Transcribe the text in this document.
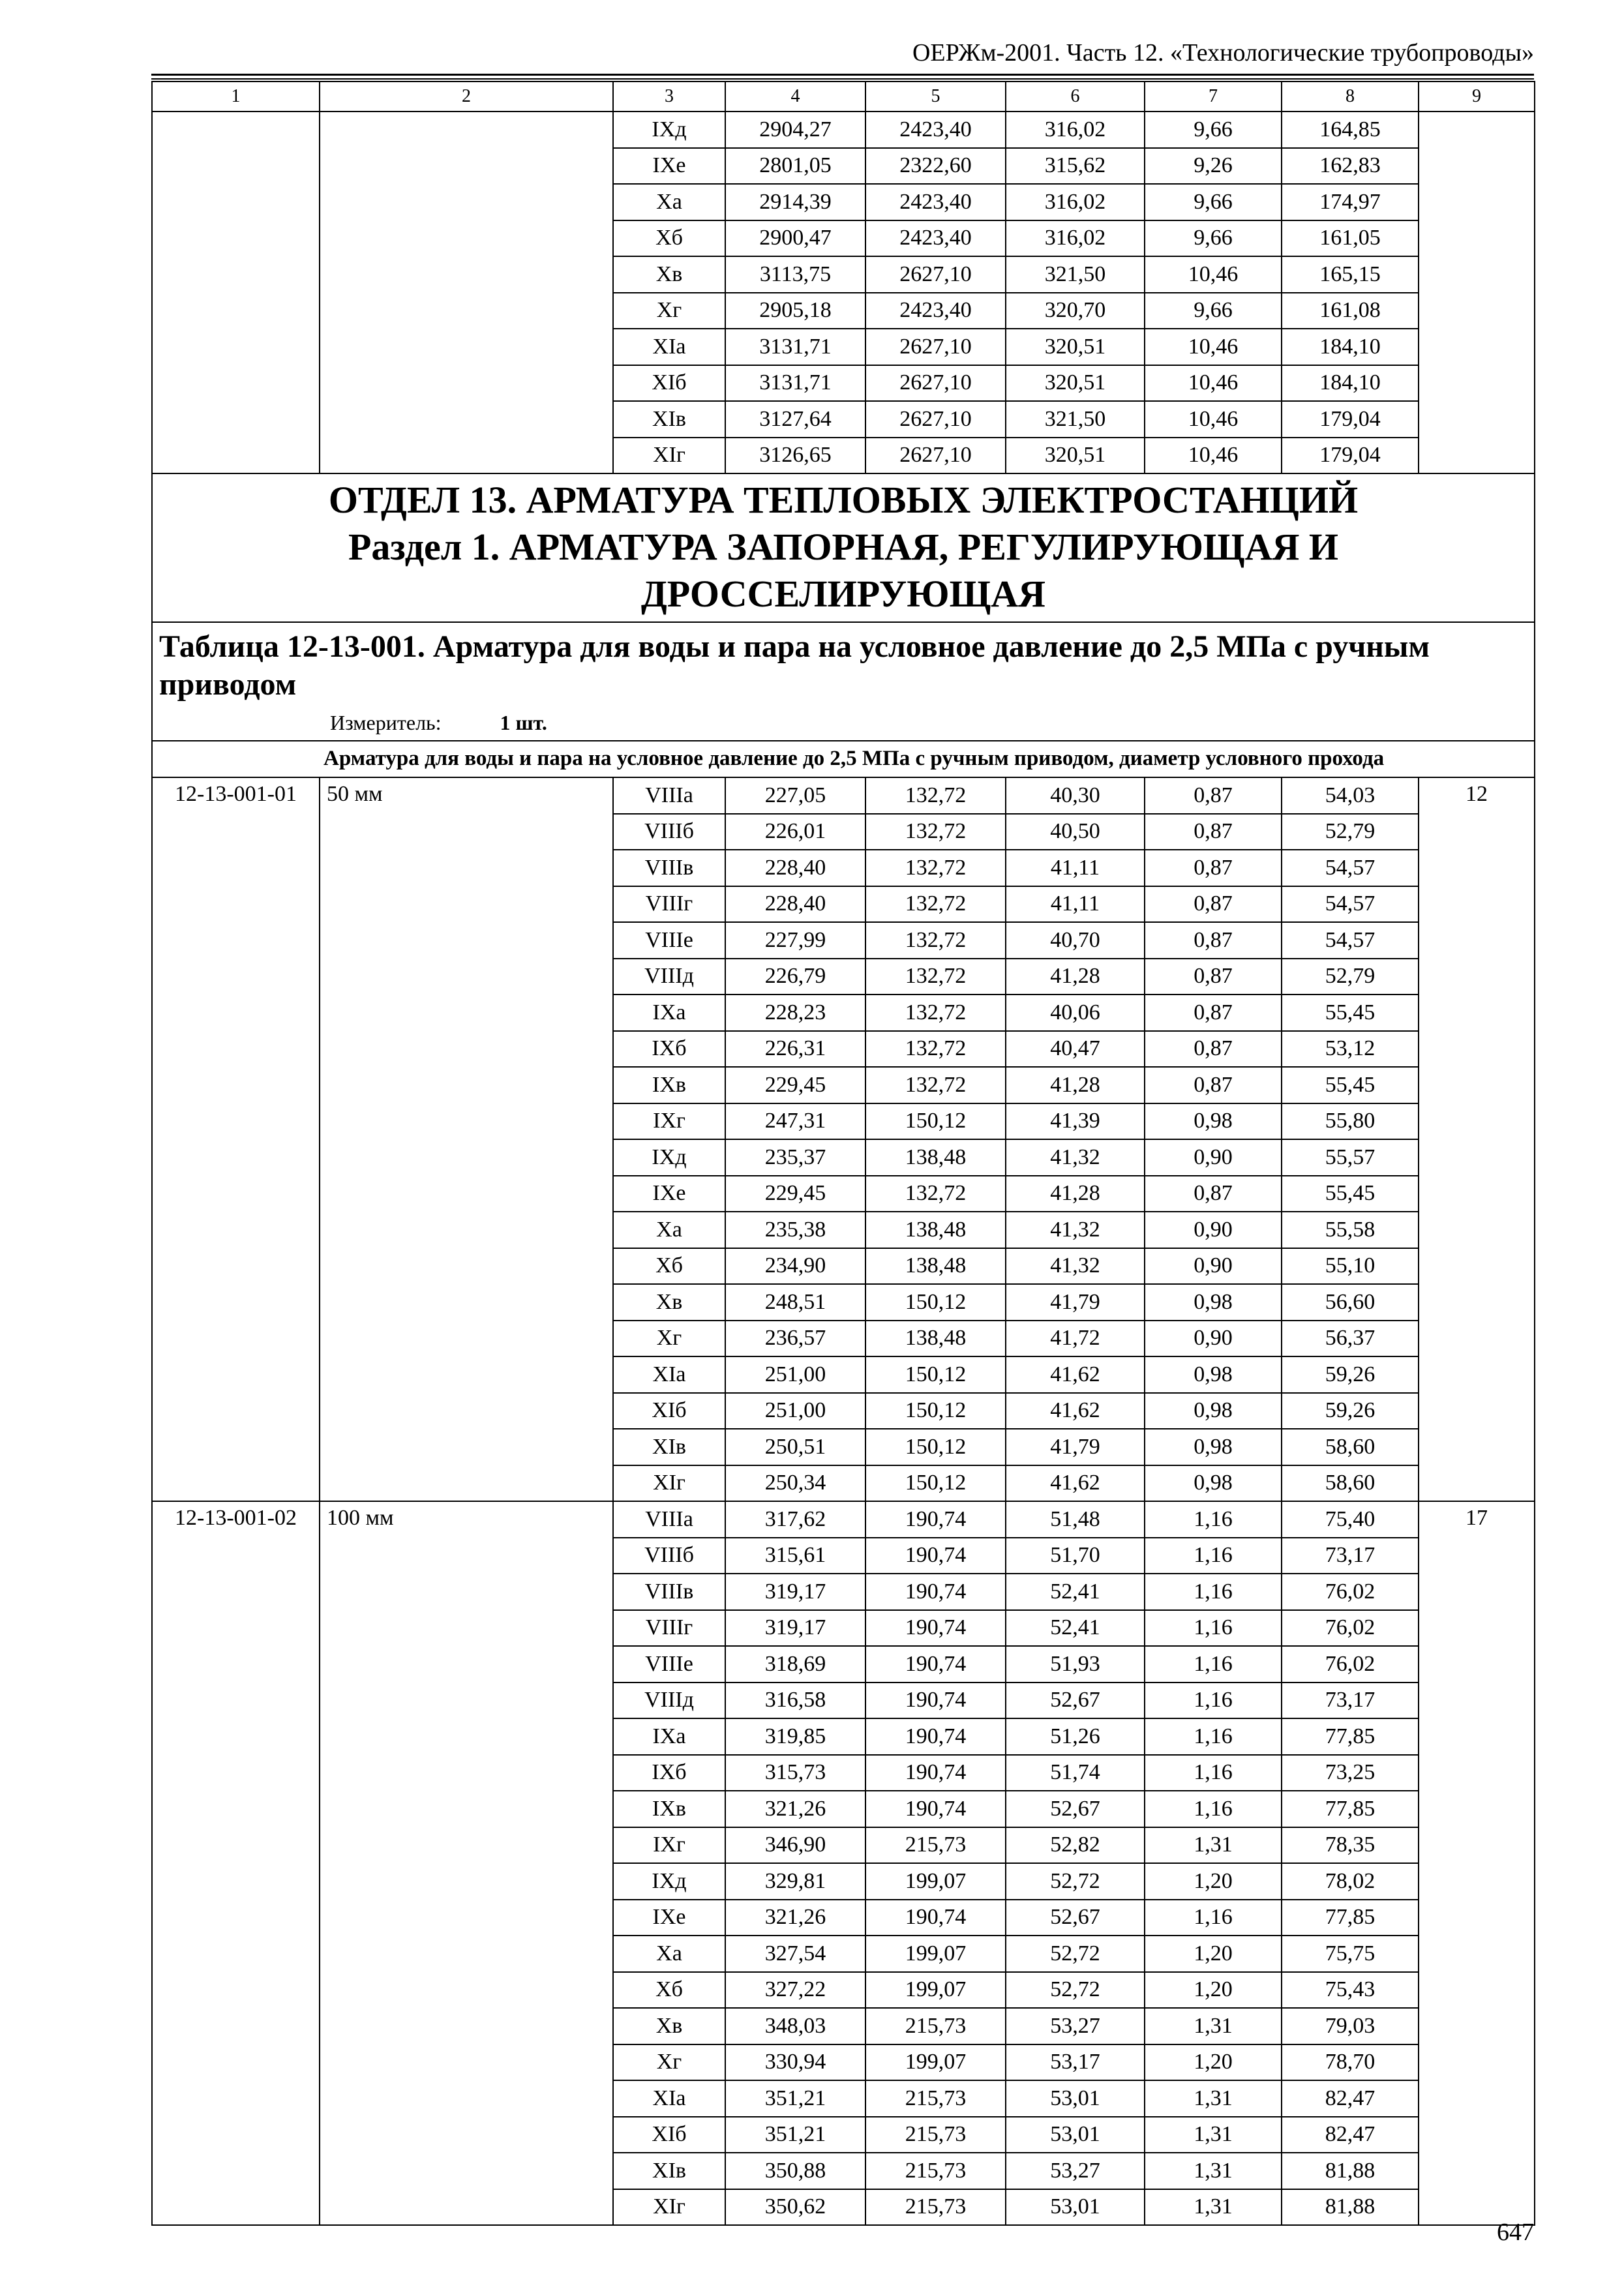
ОЕРЖм-2001. Часть 12. «Технологические трубопроводы»
1	2	3	4	5	6	7	8	9
		IXд	2904,27	2423,40	316,02	9,66	164,85	
		IXе	2801,05	2322,60	315,62	9,26	162,83	
		Xа	2914,39	2423,40	316,02	9,66	174,97	
		Xб	2900,47	2423,40	316,02	9,66	161,05	
		Xв	3113,75	2627,10	321,50	10,46	165,15	
		Xг	2905,18	2423,40	320,70	9,66	161,08	
		XIа	3131,71	2627,10	320,51	10,46	184,10	
		XIб	3131,71	2627,10	320,51	10,46	184,10	
		XIв	3127,64	2627,10	321,50	10,46	179,04	
		XIг	3126,65	2627,10	320,51	10,46	179,04	

ОТДЕЛ 13. АРМАТУРА ТЕПЛОВЫХ ЭЛЕКТРОСТАНЦИЙ
Раздел 1. АРМАТУРА ЗАПОРНАЯ, РЕГУЛИРУЮЩАЯ И ДРОССЕЛИРУЮЩАЯ								

Таблица 12-13-001. Арматура для воды и пара на условное давление до 2,5 МПа с ручным приводом
Измеритель: 1 шт.								

Арматура для воды и пара на условное давление до 2,5 МПа с ручным приводом, диаметр условного прохода								

12-13-001-01	50 мм	VIIIа	227,05	132,72	40,30	0,87	54,03	12
		VIIIб	226,01	132,72	40,50	0,87	52,79	
		VIIIв	228,40	132,72	41,11	0,87	54,57	
		VIIIг	228,40	132,72	41,11	0,87	54,57	
		VIIIе	227,99	132,72	40,70	0,87	54,57	
		VIIIд	226,79	132,72	41,28	0,87	52,79	
		IXа	228,23	132,72	40,06	0,87	55,45	
		IXб	226,31	132,72	40,47	0,87	53,12	
		IXв	229,45	132,72	41,28	0,87	55,45	
		IXг	247,31	150,12	41,39	0,98	55,80	
		IXд	235,37	138,48	41,32	0,90	55,57	
		IXе	229,45	132,72	41,28	0,87	55,45	
		Xа	235,38	138,48	41,32	0,90	55,58	
		Xб	234,90	138,48	41,32	0,90	55,10	
		Xв	248,51	150,12	41,79	0,98	56,60	
		Xг	236,57	138,48	41,72	0,90	56,37	
		XIа	251,00	150,12	41,62	0,98	59,26	
		XIб	251,00	150,12	41,62	0,98	59,26	
		XIв	250,51	150,12	41,79	0,98	58,60	
		XIг	250,34	150,12	41,62	0,98	58,60	
12-13-001-02	100 мм	VIIIа	317,62	190,74	51,48	1,16	75,40	17
		VIIIб	315,61	190,74	51,70	1,16	73,17	
		VIIIв	319,17	190,74	52,41	1,16	76,02	
		VIIIг	319,17	190,74	52,41	1,16	76,02	
		VIIIе	318,69	190,74	51,93	1,16	76,02	
		VIIIд	316,58	190,74	52,67	1,16	73,17	
		IXа	319,85	190,74	51,26	1,16	77,85	
		IXб	315,73	190,74	51,74	1,16	73,25	
		IXв	321,26	190,74	52,67	1,16	77,85	
		IXг	346,90	215,73	52,82	1,31	78,35	
		IXд	329,81	199,07	52,72	1,20	78,02	
		IXе	321,26	190,74	52,67	1,16	77,85	
		Xа	327,54	199,07	52,72	1,20	75,75	
		Xб	327,22	199,07	52,72	1,20	75,43	
		Xв	348,03	215,73	53,27	1,31	79,03	
		Xг	330,94	199,07	53,17	1,20	78,70	
		XIа	351,21	215,73	53,01	1,31	82,47	
		XIб	351,21	215,73	53,01	1,31	82,47	
		XIв	350,88	215,73	53,27	1,31	81,88	
		XIг	350,62	215,73	53,01	1,31	81,88	
647
